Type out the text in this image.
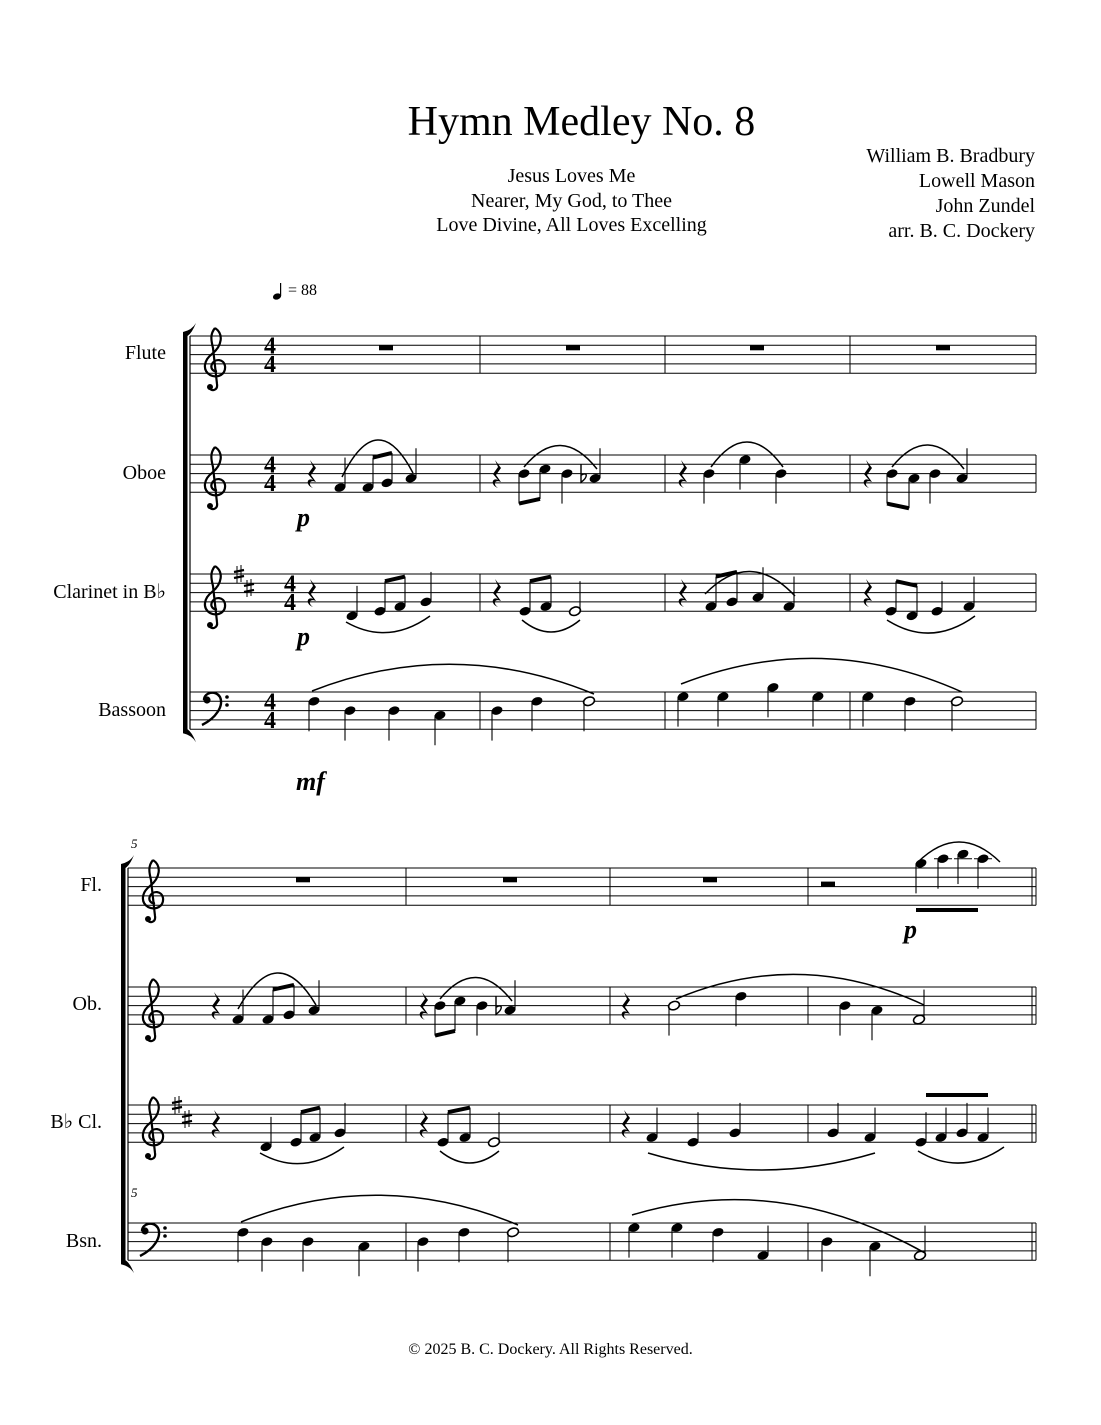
Hymn Medley No. 8
Jesus Loves Me
Nearer, My God, to Thee
Love Divine, All Loves Excelling
William B. Bradbury
Lowell Mason
John Zundel
arr. B. C. Dockery
= 88
Flute
Oboe
Clarinet in B♭
Bassoon
Fl.
Ob.
B♭ Cl.
Bsn.
5
5
4
4
4
4
4
4
4
4
p
p
mf
p
© 2025 B. C. Dockery. All Rights Reserved.
